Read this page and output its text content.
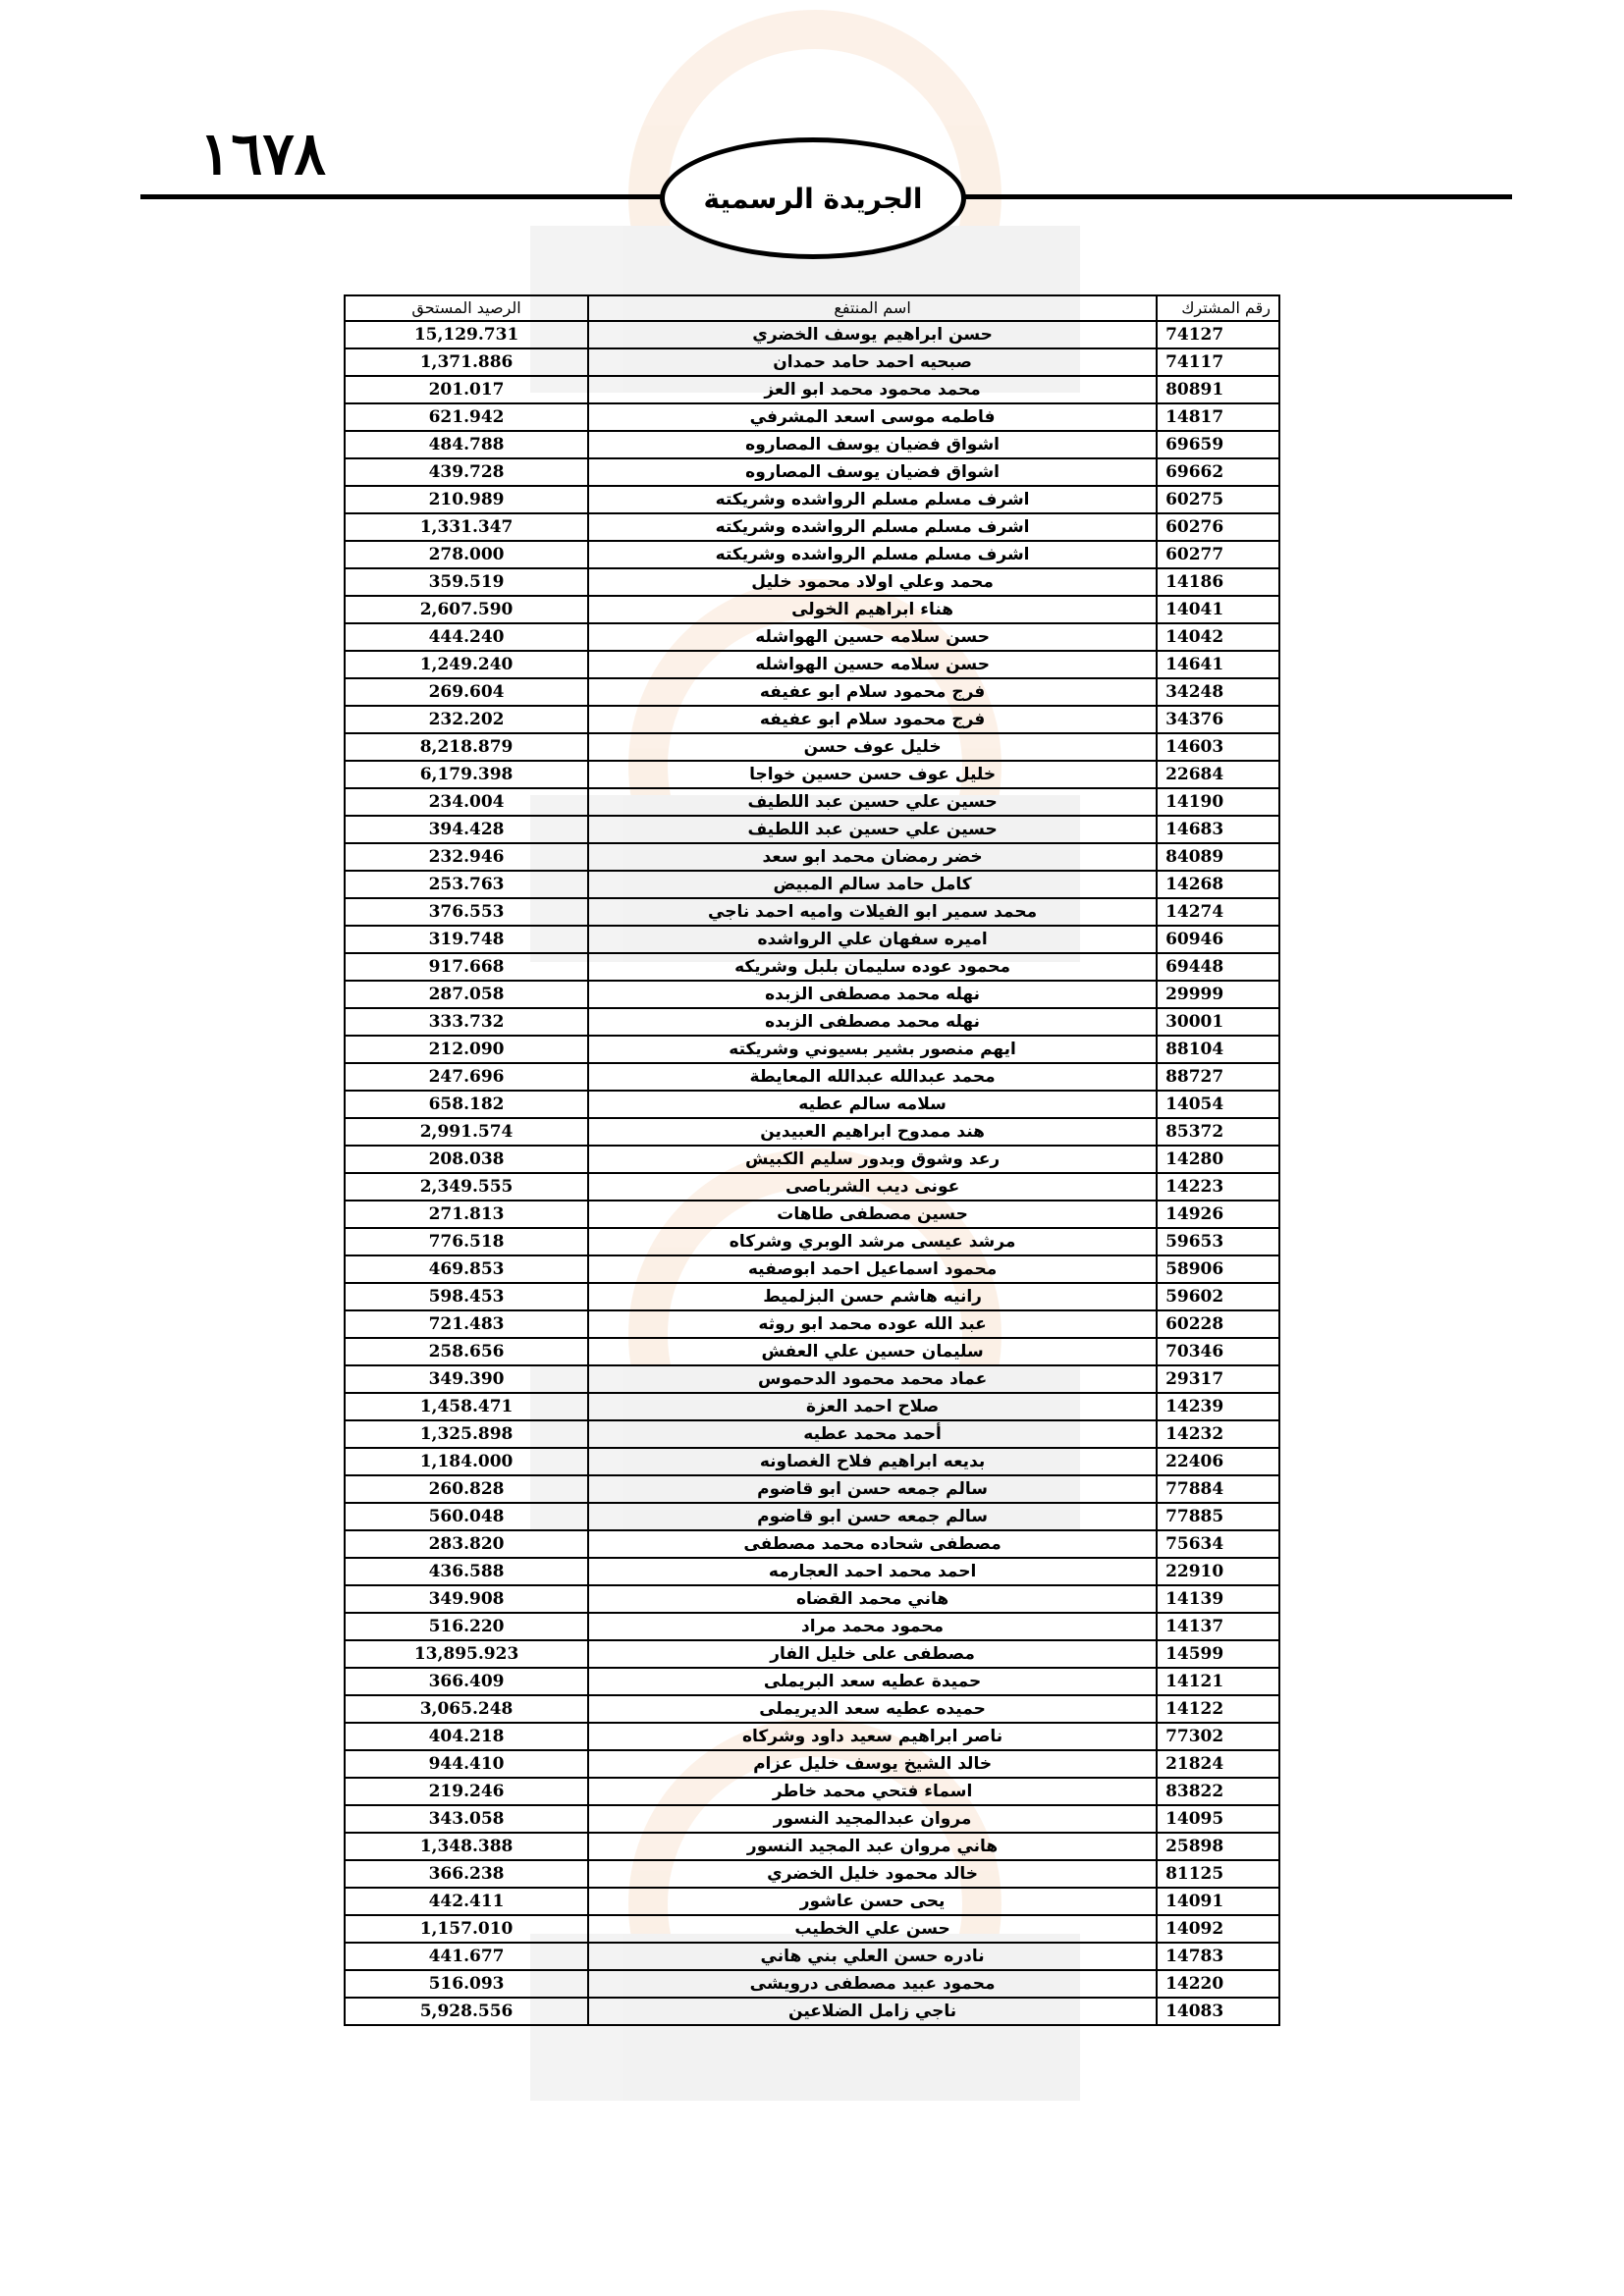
١٦٧٨
الجريدة الرسمية
الرصيد المستحق	اسم المنتفع	رقم المشترك
15,129.731	حسن ابراهيم يوسف الخضري	74127
1,371.886	صبحيه احمد حامد حمدان	74117
201.017	محمد محمود محمد ابو العز	80891
621.942	فاطمه موسى اسعد المشرفي	14817
484.788	اشواق فضيان يوسف المصاروه	69659
439.728	اشواق فضيان يوسف المصاروه	69662
210.989	اشرف مسلم مسلم الرواشده وشريكته	60275
1,331.347	اشرف مسلم مسلم الرواشده وشريكته	60276
278.000	اشرف مسلم مسلم الرواشده وشريكته	60277
359.519	محمد وعلي اولاد محمود خليل	14186
2,607.590	هناء ابراهيم الخولى	14041
444.240	حسن سلامه حسين الهواشله	14042
1,249.240	حسن سلامه حسين الهواشله	14641
269.604	فرج محمود سلام ابو عفيفه	34248
232.202	فرج محمود سلام ابو عفيفه	34376
8,218.879	خليل عوف حسن	14603
6,179.398	خليل عوف حسن حسين خواجا	22684
234.004	حسين علي حسين عبد اللطيف	14190
394.428	حسين علي حسين عبد اللطيف	14683
232.946	خضر رمضان محمد ابو سعد	84089
253.763	كامل حامد سالم المبيض	14268
376.553	محمد سمير ابو الفيلات واميه احمد ناجي	14274
319.748	اميره سفهان علي الرواشده	60946
917.668	محمود عوده سليمان بلبل وشريكه	69448
287.058	نهله محمد مصطفى الزبده	29999
333.732	نهله محمد مصطفى الزبده	30001
212.090	ايهم منصور بشير بسيوني وشريكته	88104
247.696	محمد عبدالله عبدالله المعايطة	88727
658.182	سلامه سالم عطيه	14054
2,991.574	هند ممدوح ابراهيم العبيدين	85372
208.038	رعد وشوق وبدور سليم الكبيش	14280
2,349.555	عونى ديب الشرباصى	14223
271.813	حسين مصطفى طاهات	14926
776.518	مرشد عيسى مرشد الوبري وشركاه	59653
469.853	محمود اسماعيل احمد ابوصفيه	58906
598.453	رانيه هاشم حسن البزلميط	59602
721.483	عبد الله عوده محمد ابو روثه	60228
258.656	سليمان حسين علي العفش	70346
349.390	عماد محمد محمود الدحموس	29317
1,458.471	صلاح احمد العزة	14239
1,325.898	أحمد محمد عطيه	14232
1,184.000	بديعه ابراهيم فلاح الغصاونه	22406
260.828	سالم جمعه حسن ابو قاضوم	77884
560.048	سالم جمعه حسن ابو قاضوم	77885
283.820	مصطفى شحاده محمد مصطفى	75634
436.588	احمد محمد احمد العجارمه	22910
349.908	هاني محمد القضاه	14139
516.220	محمود محمد مراد	14137
13,895.923	مصطفى على خليل الفار	14599
366.409	حميدة عطيه سعد البريملى	14121
3,065.248	حميده عطيه سعد الديريملى	14122
404.218	ناصر ابراهيم سعيد داود وشركاه	77302
944.410	خالد الشيخ يوسف خليل عزام	21824
219.246	اسماء فتحي محمد خاطر	83822
343.058	مروان عبدالمجيد النسور	14095
1,348.388	هاني مروان عبد المجيد النسور	25898
366.238	خالد محمود خليل الخضري	81125
442.411	يحى حسن عاشور	14091
1,157.010	حسن علي الخطيب	14092
441.677	نادره حسن العلي بني هاني	14783
516.093	محمود عبيد مصطفى درويشى	14220
5,928.556	ناجي زامل الضلاعين	14083
